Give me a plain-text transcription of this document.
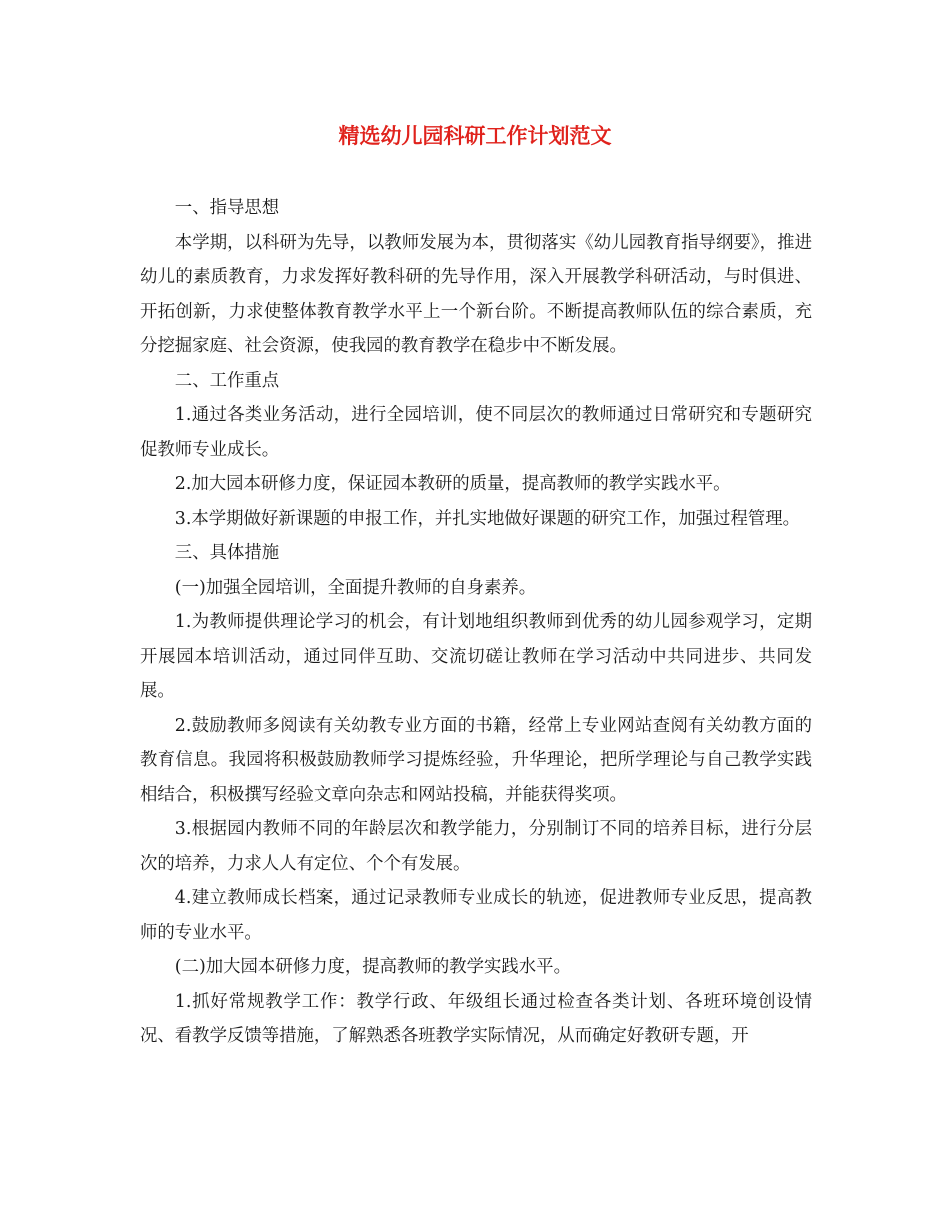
精选幼儿园科研工作计划范文

一、指导思想

本学期，以科研为先导，以教师发展为本，贯彻落实《幼儿园教育指导纲要》，推进幼儿的素质教育，力求发挥好教科研的先导作用，深入开展教学科研活动，与时俱进、开拓创新，力求使整体教育教学水平上一个新台阶。不断提高教师队伍的综合素质，充分挖掘家庭、社会资源，使我园的教育教学在稳步中不断发展。

二、工作重点

1.通过各类业务活动，进行全园培训，使不同层次的教师通过日常研究和专题研究促教师专业成长。

2.加大园本研修力度，保证园本教研的质量，提高教师的教学实践水平。

3.本学期做好新课题的申报工作，并扎实地做好课题的研究工作，加强过程管理。

三、具体措施

(一)加强全园培训，全面提升教师的自身素养。

1.为教师提供理论学习的机会，有计划地组织教师到优秀的幼儿园参观学习，定期开展园本培训活动，通过同伴互助、交流切磋让教师在学习活动中共同进步、共同发展。

2.鼓励教师多阅读有关幼教专业方面的书籍，经常上专业网站查阅有关幼教方面的教育信息。我园将积极鼓励教师学习提炼经验，升华理论，把所学理论与自己教学实践相结合，积极撰写经验文章向杂志和网站投稿，并能获得奖项。

3.根据园内教师不同的年龄层次和教学能力，分别制订不同的培养目标，进行分层次的培养，力求人人有定位、个个有发展。

4.建立教师成长档案，通过记录教师专业成长的轨迹，促进教师专业反思，提高教师的专业水平。

(二)加大园本研修力度，提高教师的教学实践水平。

1.抓好常规教学工作：教学行政、年级组长通过检查各类计划、各班环境创设情况、看教学反馈等措施，了解熟悉各班教学实际情况，从而确定好教研专题，开
